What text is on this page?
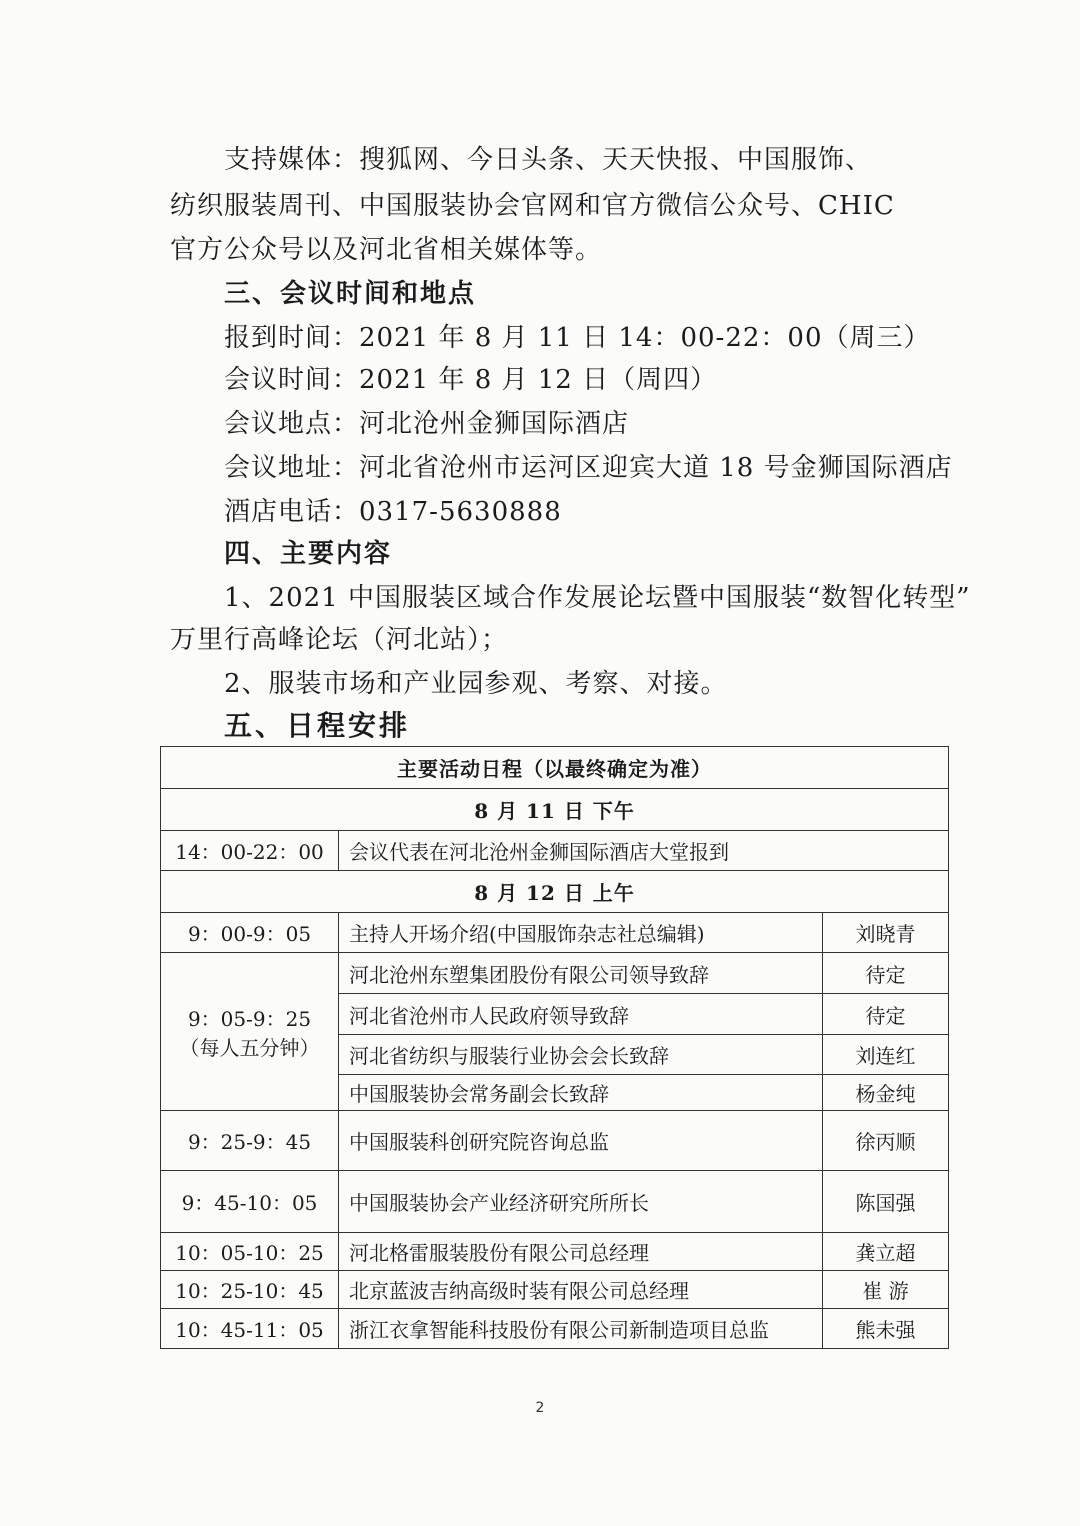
支持媒体：搜狐网、今日头条、天天快报、中国服饰、
纺织服装周刊、中国服装协会官网和官方微信公众号、CHIC
官方公众号以及河北省相关媒体等。
三、会议时间和地点
报到时间：2021 年 8 月 11 日 14：00-22：00（周三）
会议时间：2021 年 8 月 12 日（周四）
会议地点：河北沧州金狮国际酒店
会议地址：河北省沧州市运河区迎宾大道 18 号金狮国际酒店
酒店电话：0317-5630888
四、主要内容
1、2021 中国服装区域合作发展论坛暨中国服装“数智化转型”
万里行高峰论坛（河北站）；
2、服装市场和产业园参观、考察、对接。
五、日程安排
主要活动日程（以最终确定为准）		
8 月 11 日 下午		
14：00-22：00	会议代表在河北沧州金狮国际酒店大堂报到	
8 月 12 日 上午		
9：00-9：05	主持人开场介绍(中国服饰杂志社总编辑)	刘晓青

9：05-9：25
（每人五分钟）	河北沧州东塑集团股份有限公司领导致辞	待定
	河北省沧州市人民政府领导致辞	待定
	河北省纺织与服装行业协会会长致辞	刘连红
	中国服装协会常务副会长致辞	杨金纯
9：25-9：45	中国服装科创研究院咨询总监	徐丙顺
9：45-10：05	中国服装协会产业经济研究所所长	陈国强
10：05-10：25	河北格雷服装股份有限公司总经理	龚立超
10：25-10：45	北京蓝波吉纳高级时装有限公司总经理	崔 游
10：45-11：05	浙江衣拿智能科技股份有限公司新制造项目总监	熊未强
2
